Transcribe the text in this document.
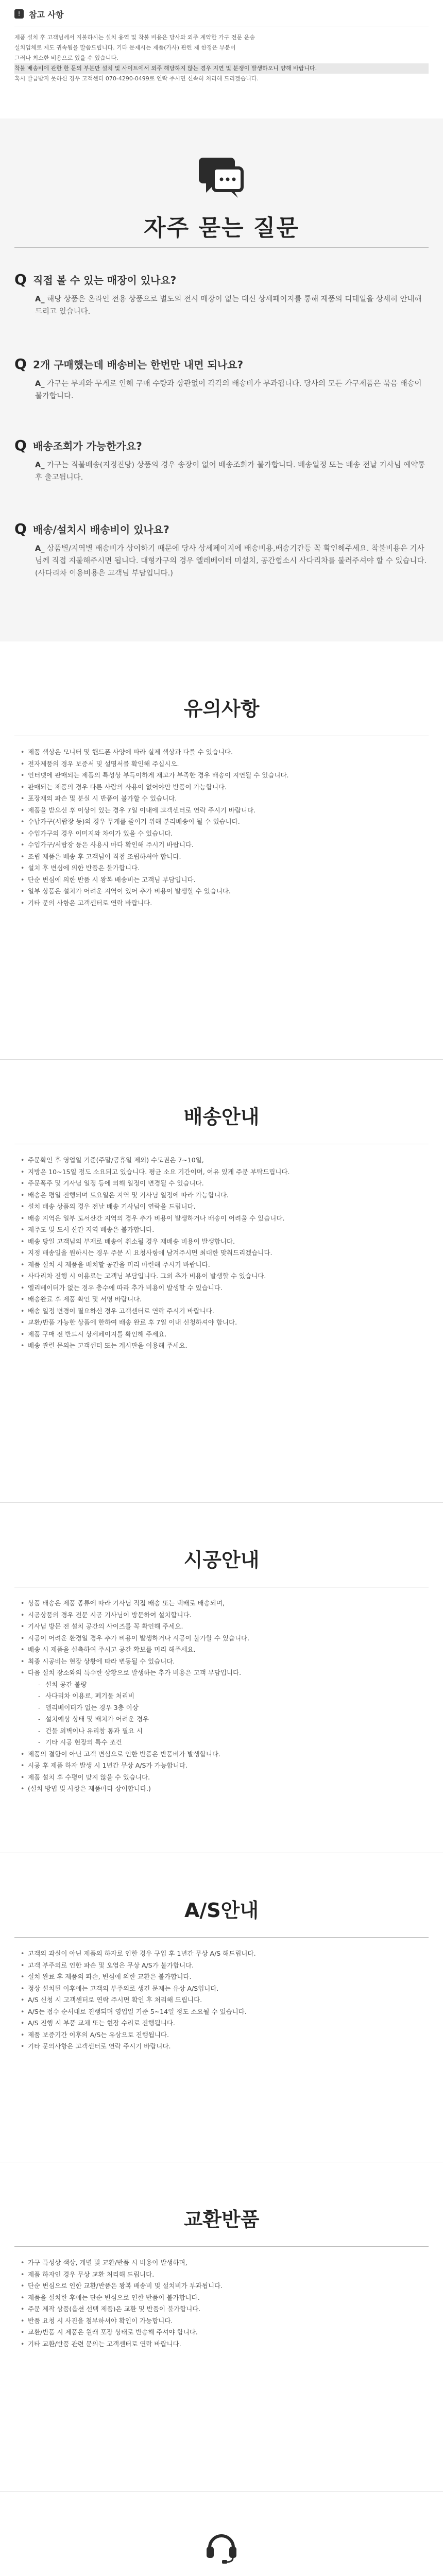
!	참고 사항
제품 설치 후 고객님께서 지불하시는 설치 용역 및 착불 비용은 당사와 외주 계약한 가구 전문 운송
설치업체로 제도 귀속됨을 말씀드립니다. 기타 문제시는 제품(가사) 관련 제 한정은 부분이
그러나 최소한 비용으로 있을 수 있습니다.
착불 배송비에 관한 한 문의 부분만 설치 및 사이트에서 외주 해당하지 않는 경우 지연 및 분쟁이 발생하오니 양해 바랍니다.
혹시 발급받지 못하신 경우 고객센터 070-4290-0499로 연락 주시면 신속히 처리해 드리겠습니다.
자주 묻는 질문
Q 직접 볼 수 있는 매장이 있나요?
A_ 해당 상품은 온라인 전용 상품으로 별도의 전시 매장이 없는 대신 상세페이지를 통해 제품의 디테일을 상세히 안내해 드리고 있습니다.
Q 2개 구매했는데 배송비는 한번만 내면 되나요?
A_ 가구는 부피와 무게로 인해 구매 수량과 상관없이 각각의 배송비가 부과됩니다. 당사의 모든 가구제품은 묶음 배송이 불가합니다.
Q 배송조회가 가능한가요?
A_ 가구는 직불배송(지정진당) 상품의 경우 송장이 없어 배송조회가 불가합니다. 배송일정 또는 배송 전날 기사님 예약통 후 출고됩니다.
Q 배송/설치시 배송비이 있나요?
A_ 상품별/지역별 배송비가 상이하기 때문에 당사 상세페이지에 배송비용,배송기간등 꼭 확인해주세요. 착불비용은 기사님께 직접 지불해주시면 됩니다. 대형가구의 경우 엘레베이터 미설치, 공간협소시 사다리차를 불러주셔야 할 수 있습니다. (사다리차 이용비용은 고객님 부담입니다.)
유의사항
• 제품 색상은 모니터 및 핸드폰 사양에 따라 실제 색상과 다를 수 있습니다.
• 전자제품의 경우 보증서 및 설명서를 확인해 주십시오.
• 인터넷에 판매되는 제품의 특성상 부득이하게 재고가 부족한 경우 배송이 지연될 수 있습니다.
• 판매되는 제품의 경우 다른 사람의 사용이 없어야만 반품이 가능합니다.
• 포장재의 파손 및 분실 시 반품이 불가할 수 있습니다.
• 제품을 받으신 후 이상이 있는 경우 7일 이내에 고객센터로 연락 주시기 바랍니다.
• 수납가구(서랍장 등)의 경우 무게를 줄이기 위해 분리배송이 될 수 있습니다.
• 수입가구의 경우 이미지와 차이가 있을 수 있습니다.
• 수입가구/서랍장 등은 사용시 마다 확인해 주시기 바랍니다.
• 조립 제품은 배송 후 고객님이 직접 조립하셔야 합니다.
• 설치 후 변심에 의한 반품은 불가합니다.
• 단순 변심에 의한 반품 시 왕복 배송비는 고객님 부담입니다.
• 일부 상품은 설치가 어려운 지역이 있어 추가 비용이 발생할 수 있습니다.
• 기타 문의 사항은 고객센터로 연락 바랍니다.
배송안내
• 주문확인 후 영업일 기준(주말/공휴일 제외) 수도권은 7~10일,
• 지방은 10~15일 정도 소요되고 있습니다. 평균 소요 기간이며, 여유 있게 주문 부탁드립니다.
• 주문폭주 및 기사님 일정 등에 의해 일정이 변경될 수 있습니다.
• 배송은 평일 진행되며 토요일은 지역 및 기사님 일정에 따라 가능합니다.
• 설치 배송 상품의 경우 전날 배송 기사님이 연락을 드립니다.
• 배송 지역은 일부 도서산간 지역의 경우 추가 비용이 발생하거나 배송이 어려울 수 있습니다.
• 제주도 및 도서 산간 지역 배송은 불가합니다.
• 배송 당일 고객님의 부재로 배송이 취소될 경우 재배송 비용이 발생합니다.
• 지정 배송일을 원하시는 경우 주문 시 요청사항에 남겨주시면 최대한 맞춰드리겠습니다.
• 제품 설치 시 제품을 배치할 공간을 미리 마련해 주시기 바랍니다.
• 사다리차 진행 시 이용료는 고객님 부담입니다. 그외 추가 비용이 발생할 수 있습니다.
• 엘리베이터가 없는 경우 층수에 따라 추가 비용이 발생할 수 있습니다.
• 배송완료 후 제품 확인 및 서명 바랍니다.
• 배송 일정 변경이 필요하신 경우 고객센터로 연락 주시기 바랍니다.
• 교환/반품 가능한 상품에 한하여 배송 완료 후 7일 이내 신청하셔야 합니다.
• 제품 구매 전 반드시 상세페이지를 확인해 주세요.
• 배송 관련 문의는 고객센터 또는 게시판을 이용해 주세요.
시공안내
• 상품 배송은 제품 종류에 따라 기사님 직접 배송 또는 택배로 배송되며,
• 시공상품의 경우 전문 시공 기사님이 방문하여 설치합니다.
• 기사님 방문 전 설치 공간의 사이즈를 꼭 확인해 주세요.
• 시공이 어려운 환경일 경우 추가 비용이 발생하거나 시공이 불가할 수 있습니다.
• 배송 시 제품을 실측하여 주시고 공간 확보를 미리 해주세요.
• 최종 시공비는 현장 상황에 따라 변동될 수 있습니다.
• 다음 설치 장소와의 특수한 상황으로 발생하는 추가 비용은 고객 부담입니다.
- 설치 공간 불량
- 사다리차 이용료, 폐기물 처리비
- 엘리베이터가 없는 경우 3층 이상
- 설치예상 상태 및 배치가 어려운 경우
- 건물 외벽이나 유리창 통과 필요 시
- 기타 시공 현장의 특수 조건
• 제품의 결함이 아닌 고객 변심으로 인한 반품은 반품비가 발생합니다.
• 시공 후 제품 하자 발생 시 1년간 무상 A/S가 가능합니다.
• 제품 설치 후 수평이 맞지 않을 수 있습니다.
• (설치 방법 및 사항은 제품마다 상이합니다.)
A/S안내
• 고객의 과실이 아닌 제품의 하자로 인한 경우 구입 후 1년간 무상 A/S 해드립니다.
• 고객 부주의로 인한 파손 및 오염은 무상 A/S가 불가합니다.
• 설치 완료 후 제품의 파손, 변심에 의한 교환은 불가합니다.
• 정상 설치된 이후에는 고객의 부주의로 생긴 문제는 유상 A/S입니다.
• A/S 신청 시 고객센터로 연락 주시면 확인 후 처리해 드립니다.
• A/S는 접수 순서대로 진행되며 영업일 기준 5~14일 정도 소요될 수 있습니다.
• A/S 진행 시 부품 교체 또는 현장 수리로 진행됩니다.
• 제품 보증기간 이후의 A/S는 유상으로 진행됩니다.
• 기타 문의사항은 고객센터로 연락 주시기 바랍니다.
교환반품
• 가구 특성상 색상, 개별 및 교환/반품 시 비용이 발생하며,
• 제품 하자인 경우 무상 교환 처리해 드립니다.
• 단순 변심으로 인한 교환/반품은 왕복 배송비 및 설치비가 부과됩니다.
• 제품을 설치한 후에는 단순 변심으로 인한 반품이 불가합니다.
• 주문 제작 상품(옵션 선택 제품)은 교환 및 반품이 불가합니다.
• 반품 요청 시 사진을 첨부하셔야 확인이 가능합니다.
• 교환/반품 시 제품은 원래 포장 상태로 반송해 주셔야 합니다.
• 기타 교환/반품 관련 문의는 고객센터로 연락 바랍니다.
